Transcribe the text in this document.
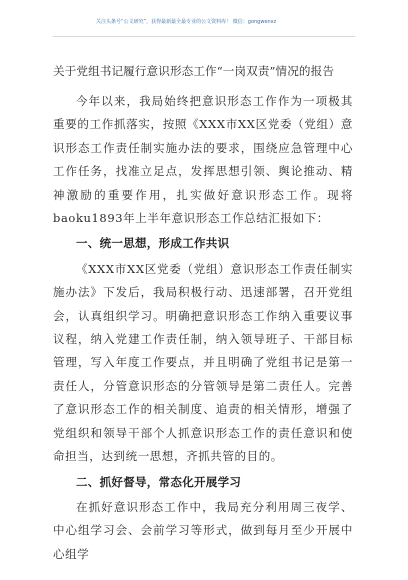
关注头条号“公文研究”，获得最新最全最专业的公文资料库！ 微信：gongwenxz
关于党组书记履行意识形态工作“一岗双责”情况的报告

今年以来，我局始终把意识形态工作作为一项极其重要的工作抓落实，按照《XXX市XX区党委（党组）意识形态工作责任制实施办法的要求，围绕应急管理中心工作任务，找准立足点，发挥思想引领、舆论推动、精神激励的重要作用，扎实做好意识形态工作。现将baoku1893年上半年意识形态工作总结汇报如下：

一、统一思想，形成工作共识

《XXX市XX区党委（党组）意识形态工作责任制实施办法》下发后，我局积极行动、迅速部署，召开党组会，认真组织学习。明确把意识形态工作纳入重要议事议程，纳入党建工作责任制，纳入领导班子、干部目标管理，写入年度工作要点，并且明确了党组书记是第一责任人，分管意识形态的分管领导是第二责任人。完善了意识形态工作的相关制度、追责的相关情形，增强了党组织和领导干部个人抓意识形态工作的责任意识和使命担当，达到统一思想，齐抓共管的目的。

二、抓好督导，常态化开展学习

在抓好意识形态工作中，我局充分利用周三夜学、中心组学习会、会前学习等形式，做到每月至少开展中心组学
